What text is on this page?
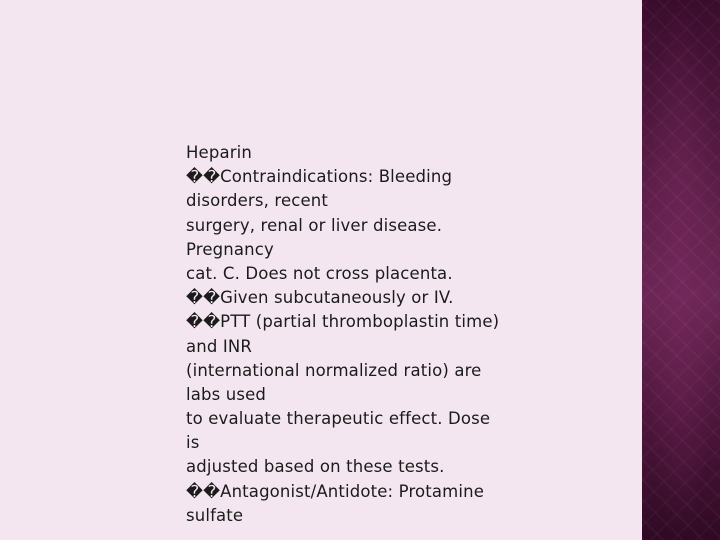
Heparin
��Contraindications: Bleeding
disorders, recent
surgery, renal or liver disease.
Pregnancy
cat. C. Does not cross placenta.
��Given subcutaneously or IV.
��PTT (partial thromboplastin time)
and INR
(international normalized ratio) are
labs used
to evaluate therapeutic effect. Dose
is
adjusted based on these tests.
��Antagonist/Antidote: Protamine
sulfate
